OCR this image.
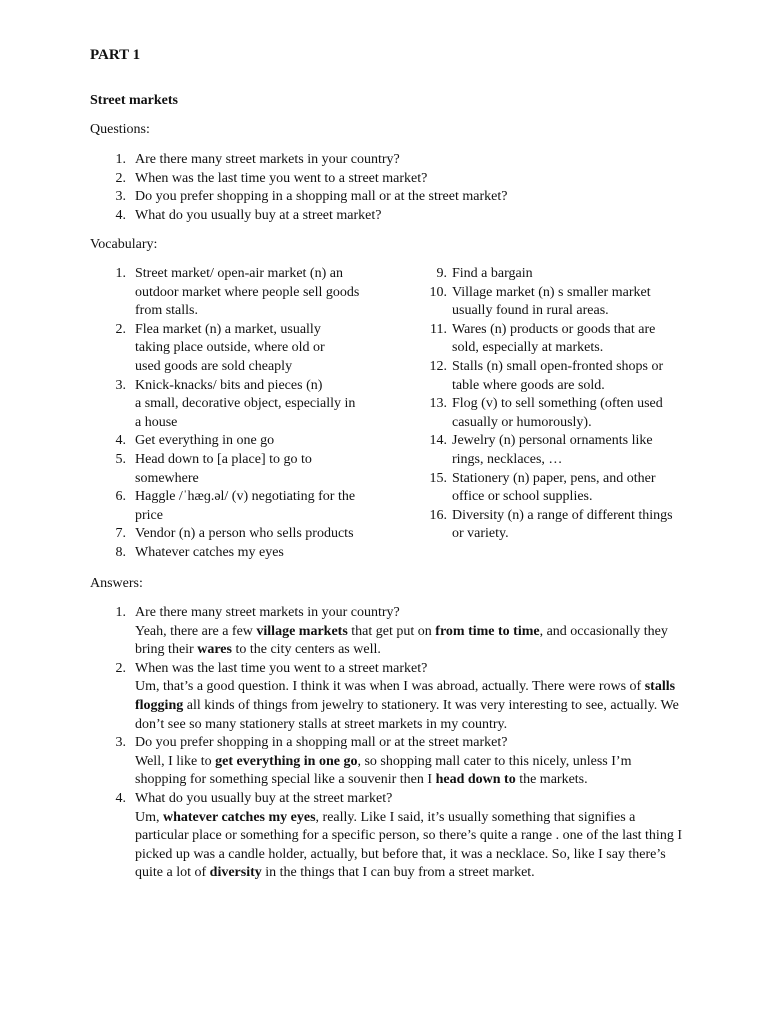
PART 1
Street markets
Questions:
1. Are there many street markets in your country?
2. When was the last time you went to a street market?
3. Do you prefer shopping in a shopping mall or at the street market?
4. What do you usually buy at a street market?
Vocabulary:
1. Street market/ open-air market (n) an
outdoor market where people sell goods
from stalls.
2. Flea market (n) a market, usually
taking place outside, where old or
used goods are sold cheaply
3. Knick-knacks/ bits and pieces (n)
a small, decorative object, especially in
a house
4. Get everything in one go
5. Head down to [a place] to go to
somewhere
6. Haggle /ˈhæɡ.əl/ (v) negotiating for the
price
7. Vendor (n) a person who sells products
8. Whatever catches my eyes
9. Find a bargain
10. Village market (n) s smaller market
usually found in rural areas.
11. Wares (n) products or goods that are
sold, especially at markets.
12. Stalls (n) small open-fronted shops or
table where goods are sold.
13. Flog (v) to sell something (often used
casually or humorously).
14. Jewelry (n) personal ornaments like
rings, necklaces, …
15. Stationery (n) paper, pens, and other
office or school supplies.
16. Diversity (n) a range of different things
or variety.
Answers:
1. Are there many street markets in your country?
Yeah, there are a few village markets that get put on from time to time, and occasionally they
bring their wares to the city centers as well.
2. When was the last time you went to a street market?
Um, that’s a good question. I think it was when I was abroad, actually. There were rows of stalls
flogging all kinds of things from jewelry to stationery. It was very interesting to see, actually. We
don’t see so many stationery stalls at street markets in my country.
3. Do you prefer shopping in a shopping mall or at the street market?
Well, I like to get everything in one go, so shopping mall cater to this nicely, unless I’m
shopping for something special like a souvenir then I head down to the markets.
4. What do you usually buy at the street market?
Um, whatever catches my eyes, really. Like I said, it’s usually something that signifies a
particular place or something for a specific person, so there’s quite a range . one of the last thing I
picked up was a candle holder, actually, but before that, it was a necklace. So, like I say there’s
quite a lot of diversity in the things that I can buy from a street market.
